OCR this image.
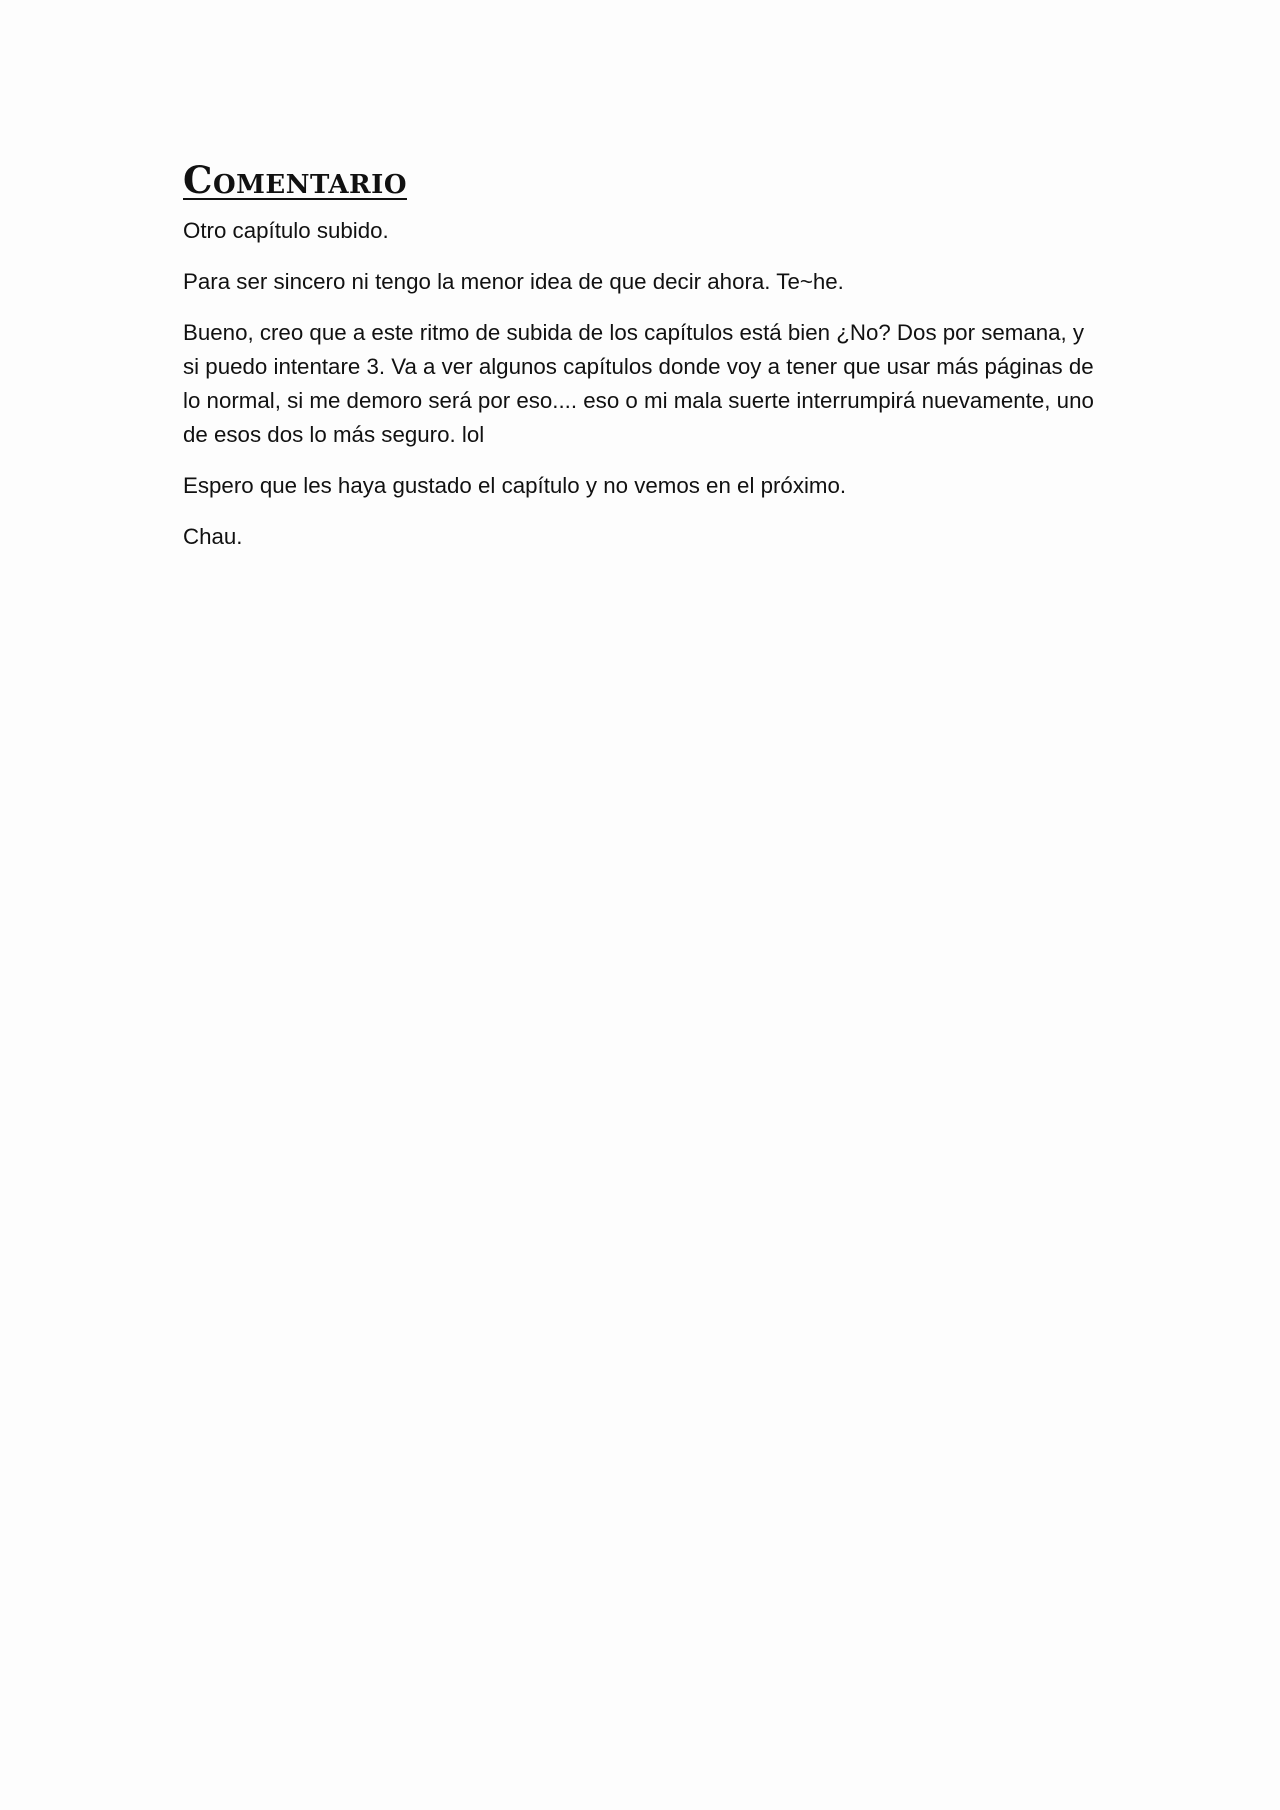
Comentario

Otro capítulo subido.

Para ser sincero ni tengo la menor idea de que decir ahora. Te~he.

Bueno, creo que a este ritmo de subida de los capítulos está bien ¿No? Dos por semana, y si puedo intentare 3. Va a ver algunos capítulos donde voy a tener que usar más páginas de lo normal, si me demoro será por eso.... eso o mi mala suerte interrumpirá nuevamente, uno de esos dos lo más seguro. lol

Espero que les haya gustado el capítulo y no vemos en el próximo.

Chau.
